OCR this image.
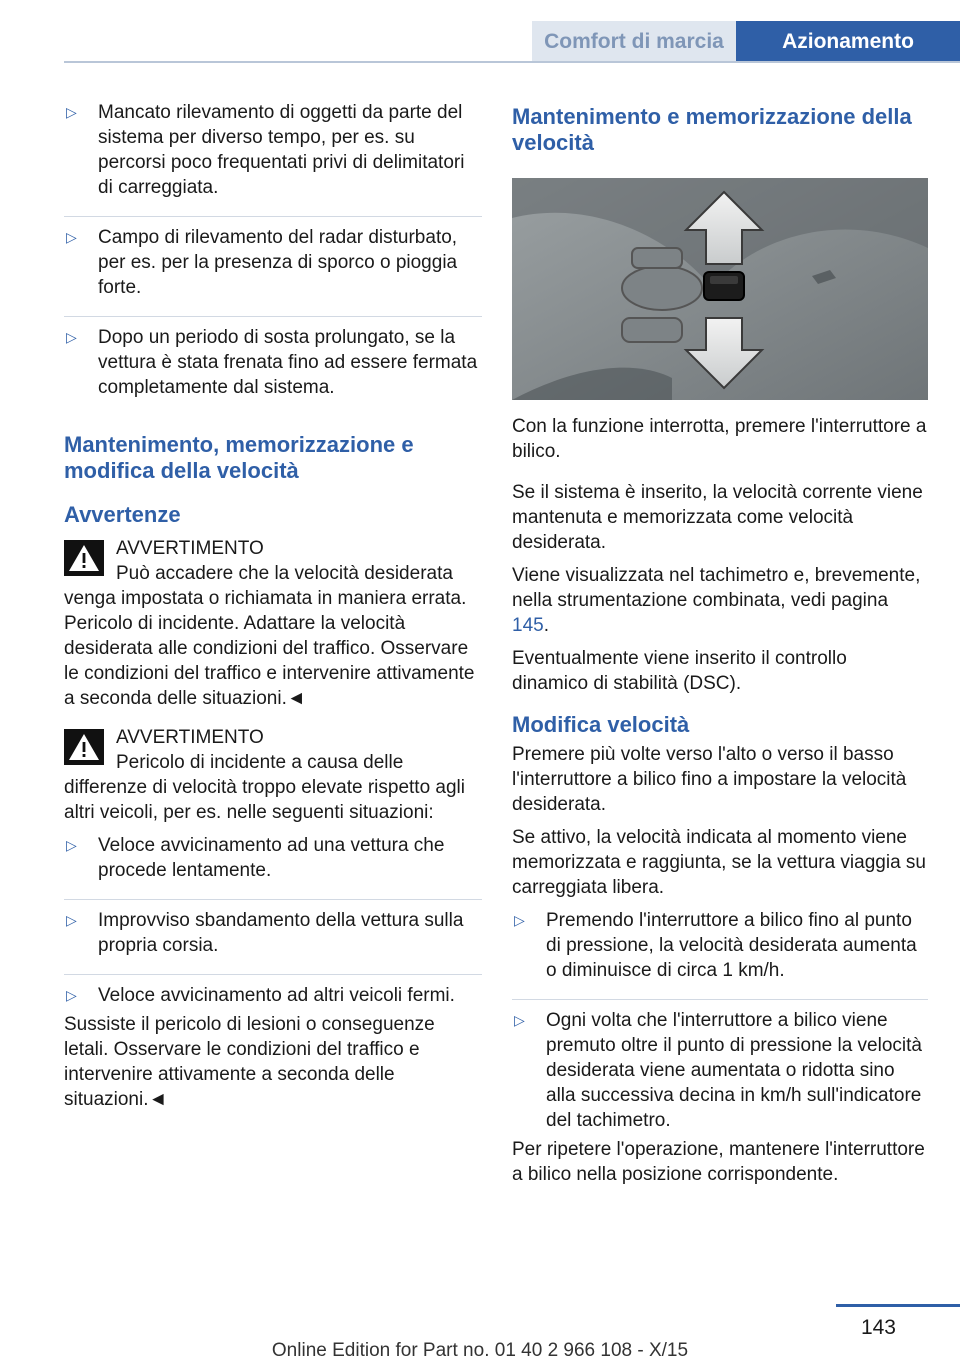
Comfort di marcia	Azionamento
▷ Mancato rilevamento di oggetti da parte del sistema per diverso tempo, per es. su percorsi poco frequentati privi di delimitatori di carreggiata.
▷ Campo di rilevamento del radar disturbato, per es. per la presenza di sporco o pioggia forte.
▷ Dopo un periodo di sosta prolungato, se la vettura è stata frenata fino ad essere fermata completamente dal sistema.
Mantenimento, memorizzazione e modifica della velocità
Avvertenze
AVVERTIMENTO

Può accadere che la velocità desiderata venga impostata o richiamata in maniera errata. Pericolo di incidente. Adattare la velocità desiderata alle condizioni del traffico. Osservare le condizioni del traffico e intervenire attivamente a seconda delle situazioni.◄

AVVERTIMENTO

Pericolo di incidente a causa delle differenze di velocità troppo elevate rispetto agli altri veicoli, per es. nelle seguenti situazioni:

▷ Veloce avvicinamento ad una vettura che procede lentamente.
▷ Improvviso sbandamento della vettura sulla propria corsia.
▷ Veloce avvicinamento ad altri veicoli fermi.

Sussiste il pericolo di lesioni o conseguenze letali. Osservare le condizioni del traffico e intervenire attivamente a seconda delle situazioni.◄

Mantenimento e memorizzazione della velocità

Con la funzione interrotta, premere l'interruttore a bilico.

Se il sistema è inserito, la velocità corrente viene mantenuta e memorizzata come velocità desiderata.

Viene visualizzata nel tachimetro e, brevemente, nella strumentazione combinata, vedi pagina 145.

Eventualmente viene inserito il controllo dinamico di stabilità (DSC).

Modifica velocità

Premere più volte verso l'alto o verso il basso l'interruttore a bilico fino a impostare la velocità desiderata.

Se attivo, la velocità indicata al momento viene memorizzata e raggiunta, se la vettura viaggia su carreggiata libera.

▷ Premendo l'interruttore a bilico fino al punto di pressione, la velocità desiderata aumenta o diminuisce di circa 1 km/h.
▷ Ogni volta che l'interruttore a bilico viene premuto oltre il punto di pressione la velocità desiderata viene aumentata o ridotta sino alla successiva decina in km/h sull'indicatore del tachimetro.

Per ripetere l'operazione, mantenere l'interruttore a bilico nella posizione corrispondente.

143
Online Edition for Part no. 01 40 2 966 108 - X/15
